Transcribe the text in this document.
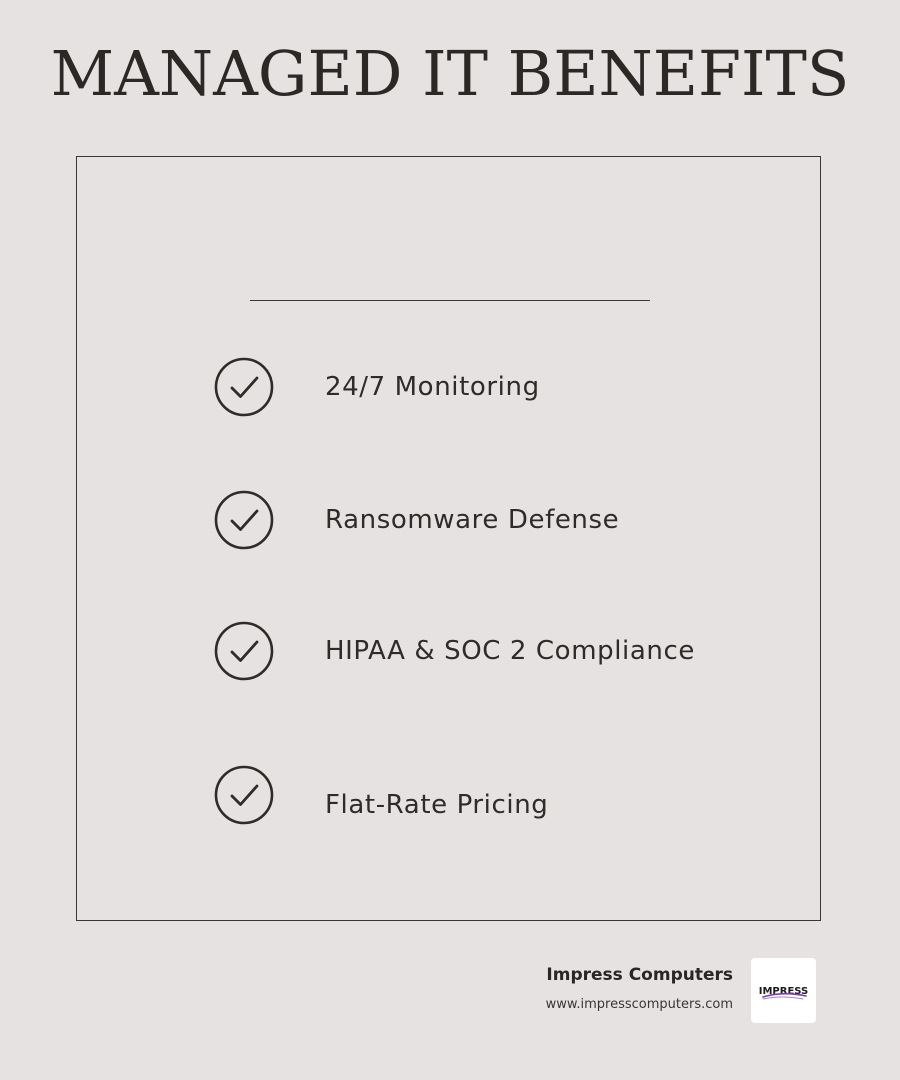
MANAGED IT BENEFITS
24/7 Monitoring
Ransomware Defense
HIPAA & SOC 2 Compliance
Flat-Rate Pricing
Impress Computers
www.impresscomputers.com
IMPRESS
